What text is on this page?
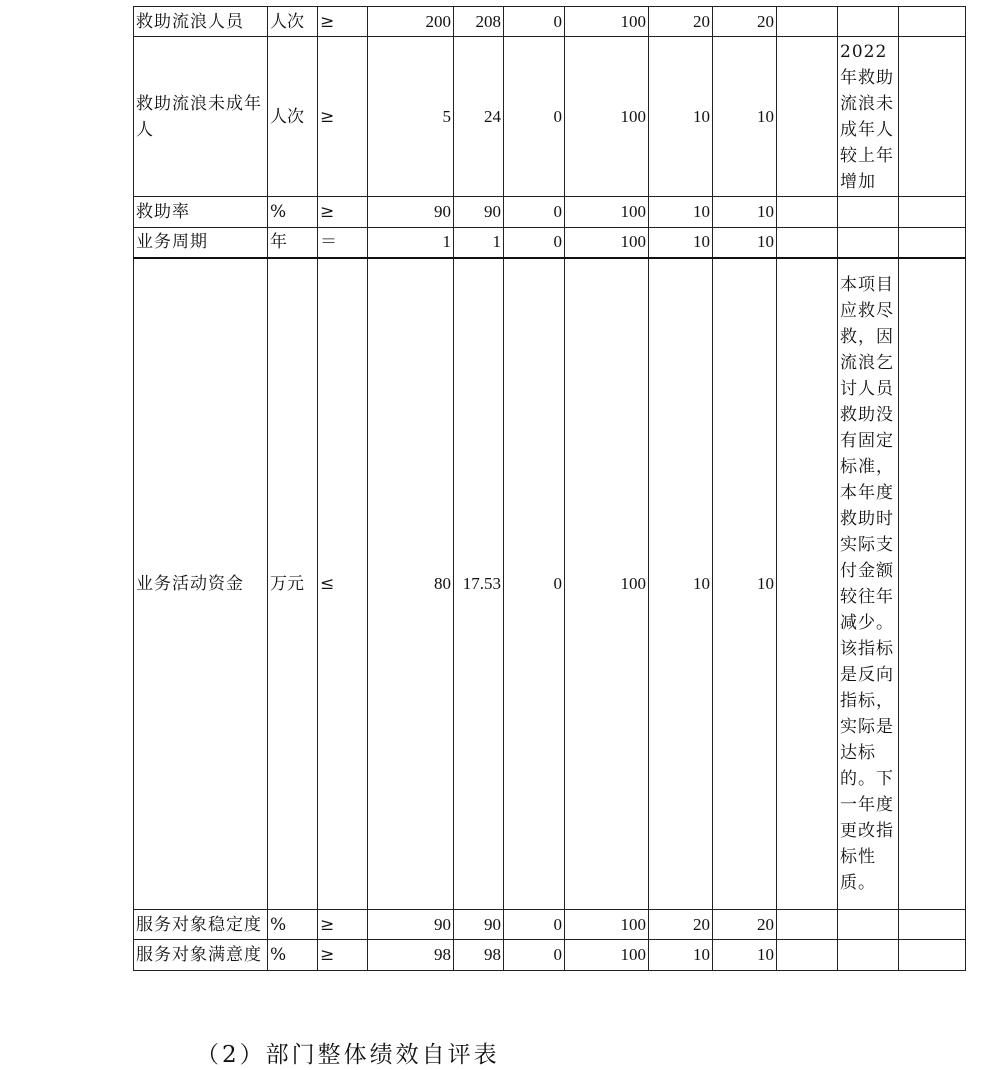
救助流浪人员	人次	≥	200	208	0	100	20	20			
救助流浪未成年人	人次	≥	5	24	0	100	10	10		2022年救助流浪未成年人较上年增加	
救助率	%	≥	90	90	0	100	10	10			
业务周期	年	＝	1	1	0	100	10	10			
业务活动资金	万元	≤	80	17.53	0	100	10	10		本项目应救尽救，因流浪乞讨人员救助没有固定标准，本年度救助时实际支付金额较往年减少。该指标是反向指标，实际是达标的。下一年度更改指标性质。	
服务对象稳定度	%	≥	90	90	0	100	20	20			
服务对象满意度	%	≥	98	98	0	100	10	10			
（2）部门整体绩效自评表
